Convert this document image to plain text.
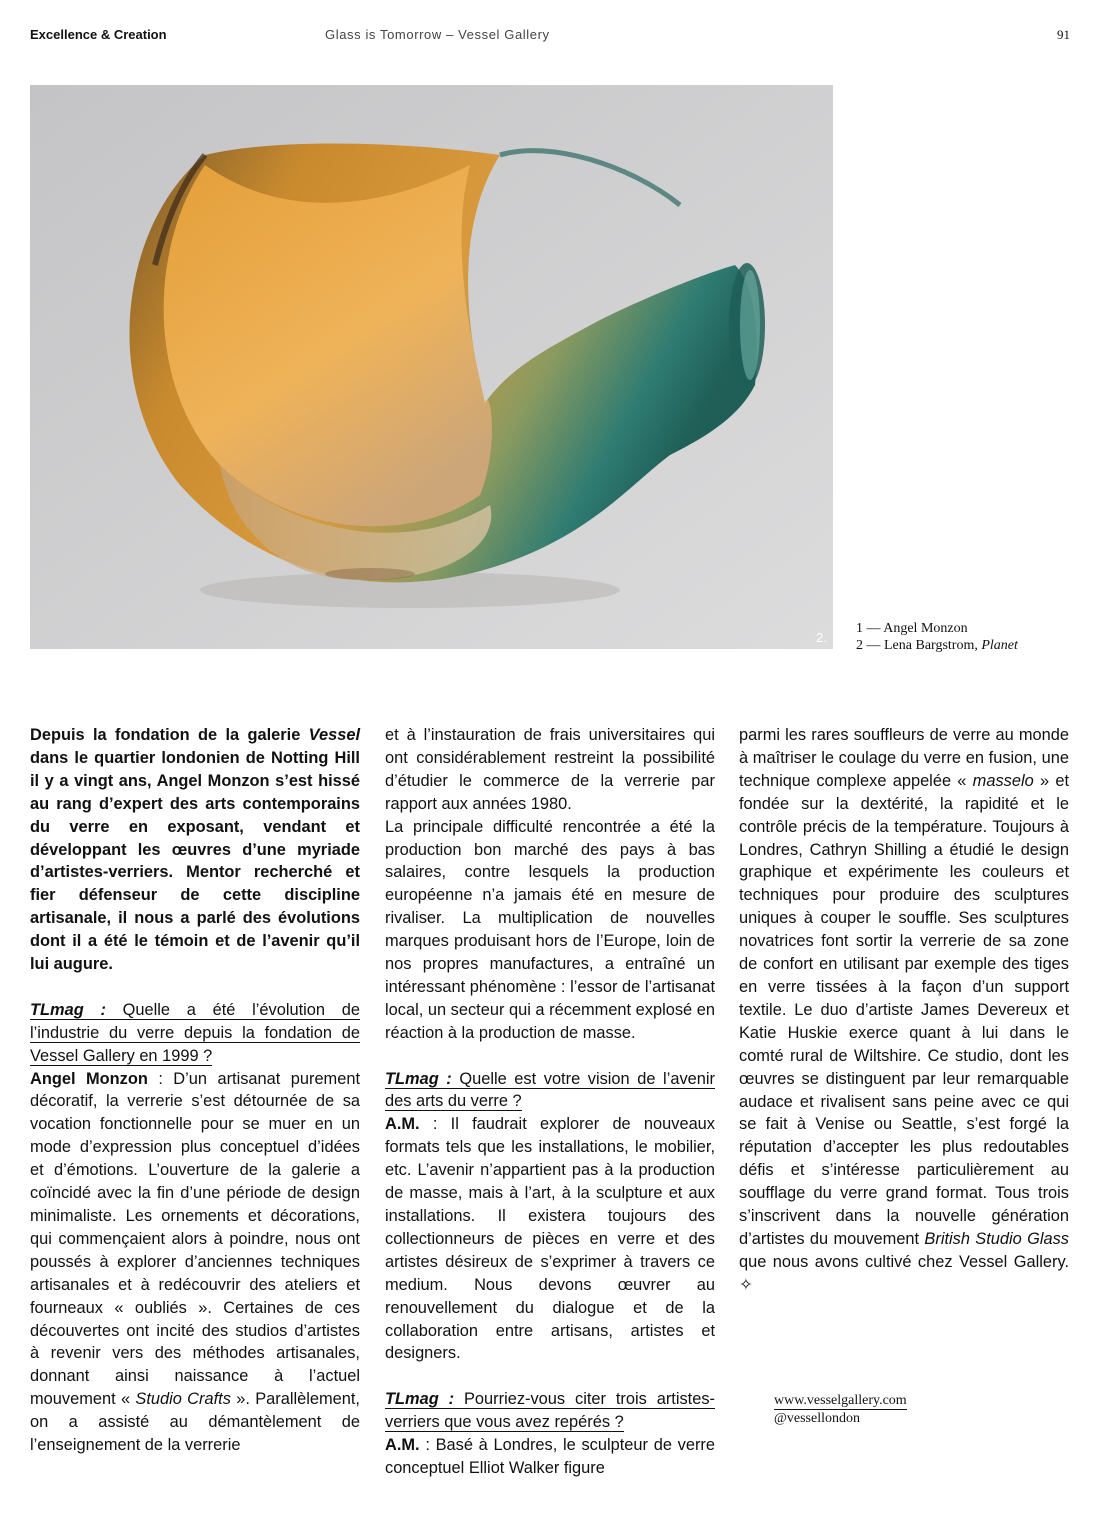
Excellence & Creation	Glass is Tomorrow – Vessel Gallery	91
2.
1 — Angel Monzon
2 — Lena Bargstrom, Planet

Depuis la fondation de la galerie Vessel dans le quartier londonien de Notting Hill il y a vingt ans, Angel Monzon s’est hissé au rang d’expert des arts contemporains du verre en exposant, vendant et développant les œuvres d’une myriade d’artistes-verriers. Mentor recherché et fier défenseur de cette discipline artisanale, il nous a parlé des évolutions dont il a été le témoin et de l’avenir qu’il lui augure.

TLmag : Quelle a été l’évolution de l’industrie du verre depuis la fondation de Vessel Gallery en 1999 ?

Angel Monzon : D’un artisanat purement décoratif, la verrerie s’est détournée de sa vocation fonctionnelle pour se muer en un mode d’expression plus conceptuel d’idées et d’émotions. L’ouverture de la galerie a coïncidé avec la fin d’une période de design minimaliste. Les ornements et décorations, qui commençaient alors à poindre, nous ont poussés à explorer d’anciennes techniques artisanales et à redécouvrir des ateliers et fourneaux « oubliés ». Certaines de ces découvertes ont incité des studios d’artistes à revenir vers des méthodes artisanales, donnant ainsi naissance à l’actuel mouvement « Studio Crafts ». Parallèlement, on a assisté au démantèlement de l’enseignement de la verrerie

et à l’instauration de frais universitaires qui ont considérablement restreint la possibilité d’étudier le commerce de la verrerie par rapport aux années 1980.

La principale difficulté rencontrée a été la production bon marché des pays à bas salaires, contre lesquels la production européenne n’a jamais été en mesure de rivaliser. La multiplication de nouvelles marques produisant hors de l’Europe, loin de nos propres manufactures, a entraîné un intéressant phénomène : l’essor de l’artisanat local, un secteur qui a récemment explosé en réaction à la production de masse.

TLmag : Quelle est votre vision de l’avenir des arts du verre ?

A.M. : Il faudrait explorer de nouveaux formats tels que les installations, le mobilier, etc. L’avenir n’appartient pas à la production de masse, mais à l’art, à la sculpture et aux installations. Il existera toujours des collectionneurs de pièces en verre et des artistes désireux de s’exprimer à travers ce medium. Nous devons œuvrer au renouvellement du dialogue et de la collaboration entre artisans, artistes et designers.

TLmag : Pourriez-vous citer trois artistes-verriers que vous avez repérés ?

A.M. : Basé à Londres, le sculpteur de verre conceptuel Elliot Walker figure

parmi les rares souffleurs de verre au monde à maîtriser le coulage du verre en fusion, une technique complexe appelée « masselo » et fondée sur la dextérité, la rapidité et le contrôle précis de la température. Toujours à Londres, Cathryn Shilling a étudié le design graphique et expérimente les couleurs et techniques pour produire des sculptures uniques à couper le souffle. Ses sculptures novatrices font sortir la verrerie de sa zone de confort en utilisant par exemple des tiges en verre tissées à la façon d’un support textile. Le duo d’artiste James Devereux et Katie Huskie exerce quant à lui dans le comté rural de Wiltshire. Ce studio, dont les œuvres se distinguent par leur remarquable audace et rivalisent sans peine avec ce qui se fait à Venise ou Seattle, s’est forgé la réputation d’accepter les plus redoutables défis et s’intéresse particulièrement au soufflage du verre grand format. Tous trois s’inscrivent dans la nouvelle génération d’artistes du mouvement British Studio Glass que nous avons cultivé chez Vessel Gallery. ✧

www.vesselgallery.com
@vessellondon
